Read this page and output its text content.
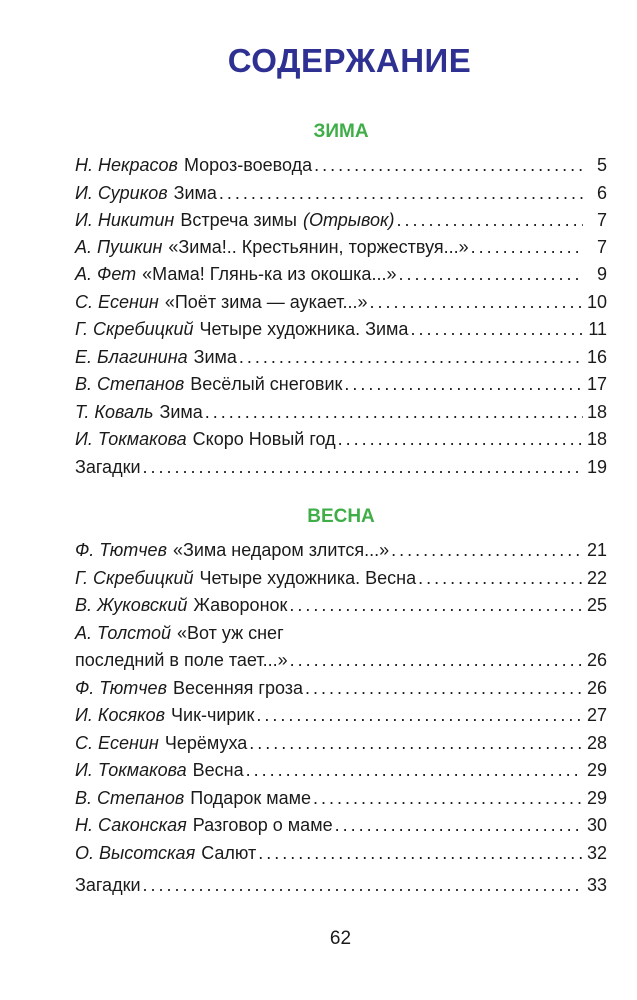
СОДЕРЖАНИЕ
ЗИМА
Н. Некрасов Мороз-воевода .....	5
И. Суриков Зима .....	6
И. Никитин Встреча зимы (Отрывок) .....	7
А. Пушкин «Зима!.. Крестьянин, торжествуя...» .....	7
А. Фет «Мама! Глянь-ка из окошка...» .....	9
С. Есенин «Поёт зима — аукает...» .....	10
Г. Скребицкий Четыре художника. Зима .....	11
Е. Благинина Зима .....	16
В. Степанов Весёлый снеговик .....	17
Т. Коваль Зима .....	18
И. Токмакова Скоро Новый год .....	18
Загадки .....	19
ВЕСНА
Ф. Тютчев «Зима недаром злится...» .....	21
Г. Скребицкий Четыре художника. Весна .....	22
В. Жуковский Жаворонок .....	25
А. Толстой «Вот уж снег
последний в поле тает...» .....	26
Ф. Тютчев Весенняя гроза .....	26
И. Косяков Чик-чирик .....	27
С. Есенин Черёмуха .....	28
И. Токмакова Весна .....	29
В. Степанов Подарок маме .....	29
Н. Саконская Разговор о маме .....	30
О. Высотская Салют .....	32
Загадки .....	33
62
